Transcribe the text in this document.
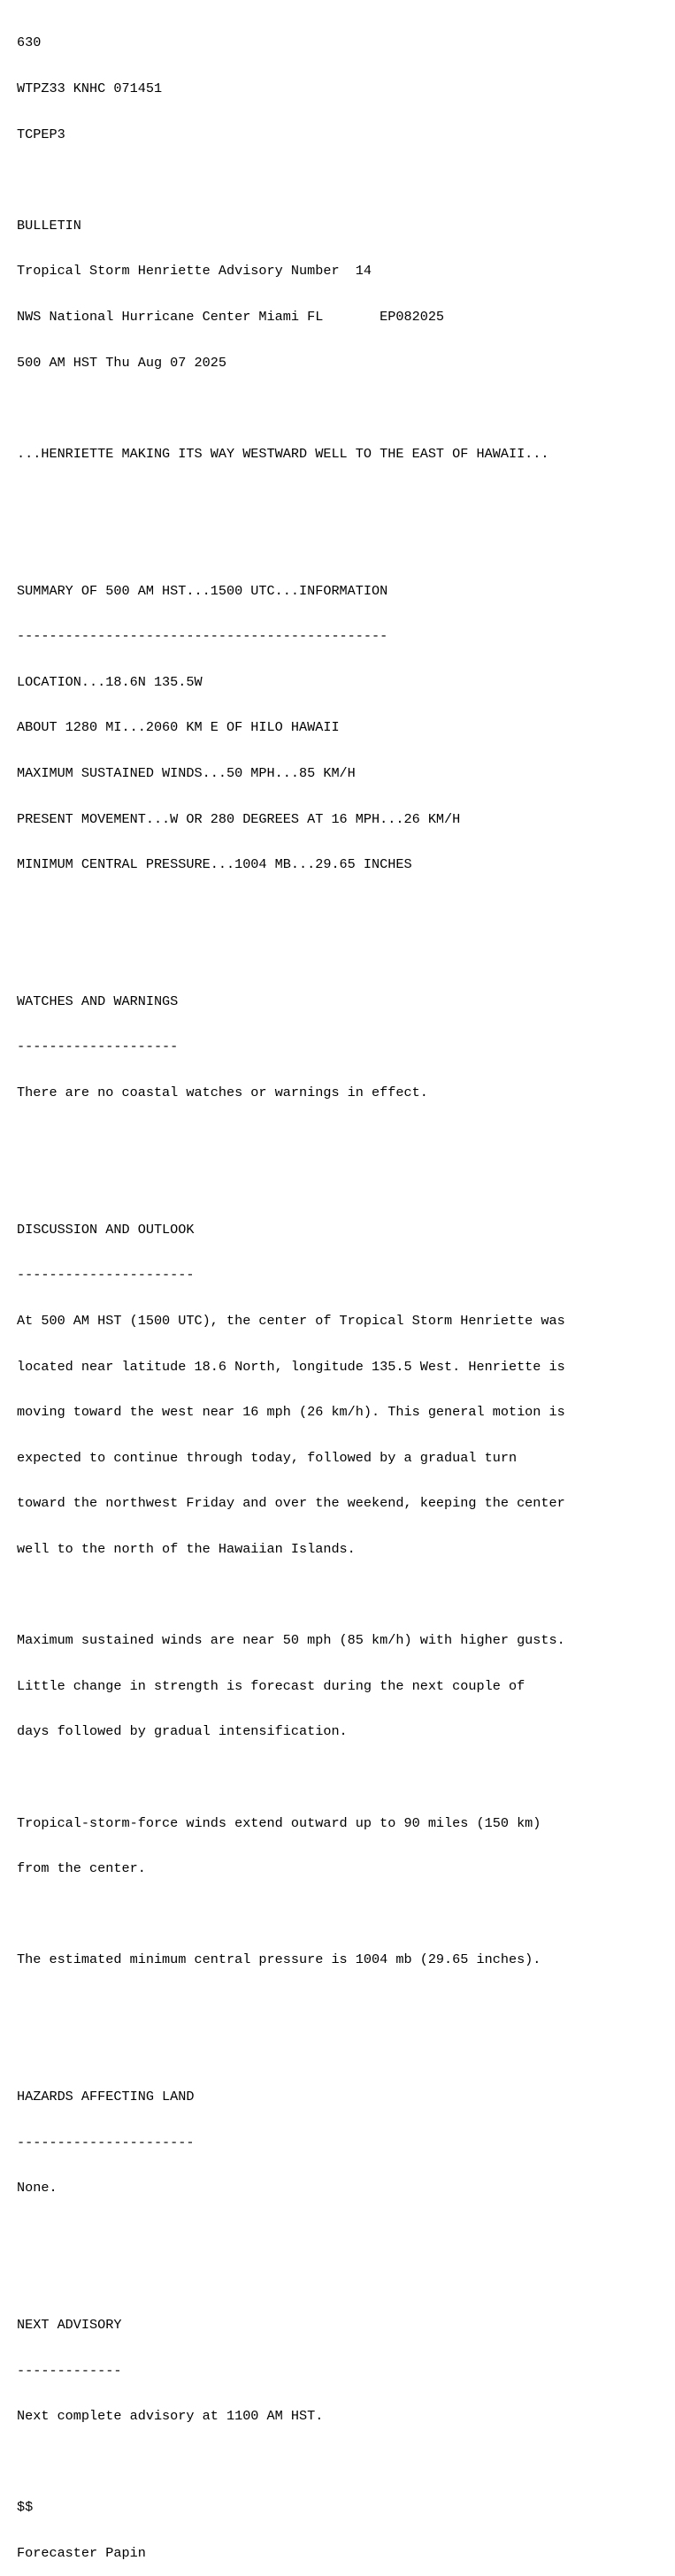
630

WTPZ33 KNHC 071451

TCPEP3

BULLETIN

Tropical Storm Henriette Advisory Number  14

NWS National Hurricane Center Miami FL       EP082025

500 AM HST Thu Aug 07 2025

...HENRIETTE MAKING ITS WAY WESTWARD WELL TO THE EAST OF HAWAII...

SUMMARY OF 500 AM HST...1500 UTC...INFORMATION

----------------------------------------------

LOCATION...18.6N 135.5W

ABOUT 1280 MI...2060 KM E OF HILO HAWAII

MAXIMUM SUSTAINED WINDS...50 MPH...85 KM/H

PRESENT MOVEMENT...W OR 280 DEGREES AT 16 MPH...26 KM/H

MINIMUM CENTRAL PRESSURE...1004 MB...29.65 INCHES

WATCHES AND WARNINGS

--------------------

There are no coastal watches or warnings in effect.

DISCUSSION AND OUTLOOK

----------------------

At 500 AM HST (1500 UTC), the center of Tropical Storm Henriette was

located near latitude 18.6 North, longitude 135.5 West. Henriette is

moving toward the west near 16 mph (26 km/h). This general motion is

expected to continue through today, followed by a gradual turn

toward the northwest Friday and over the weekend, keeping the center

well to the north of the Hawaiian Islands.

Maximum sustained winds are near 50 mph (85 km/h) with higher gusts.

Little change in strength is forecast during the next couple of

days followed by gradual intensification.

Tropical-storm-force winds extend outward up to 90 miles (150 km)

from the center.

The estimated minimum central pressure is 1004 mb (29.65 inches).

HAZARDS AFFECTING LAND

----------------------

None.

NEXT ADVISORY

-------------

Next complete advisory at 1100 AM HST.

$$

Forecaster Papin
